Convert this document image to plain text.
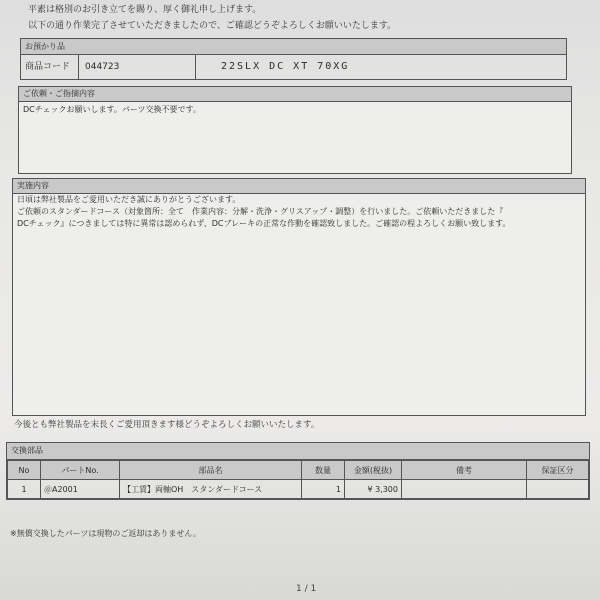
平素は格別のお引き立てを賜り、厚く御礼申し上げます。
以下の通り作業完了させていただきましたので、ご確認どうぞよろしくお願いいたします。
お預かり品
商品コード	044723	22SLX DC XT 70XG
ご依頼・ご指摘内容
DCチェックお願いします。パーツ交換不要です。
実施内容
日頃は弊社製品をご愛用いただき誠にありがとうございます。
ご依頼のスタンダードコース（対象箇所：全て　作業内容：分解・洗浄・グリスアップ・調整）を行いました。ご依頼いただきました『
DCチェック』につきましては特に異常は認められず、DCブレーキの正常な作動を確認致しました。ご確認の程よろしくお願い致します。
今後とも弊社製品を末長くご愛用頂きます様どうぞよろしくお願いいたします。
交換部品
No	パートNo.	部品名	数量	金額(税抜)	備考	保証区分
1	＠A2001	【工賃】両軸OH　スタンダードコース	1	¥ 3,300		
※無償交換したパーツは現物のご返却はありません。
1 / 1
